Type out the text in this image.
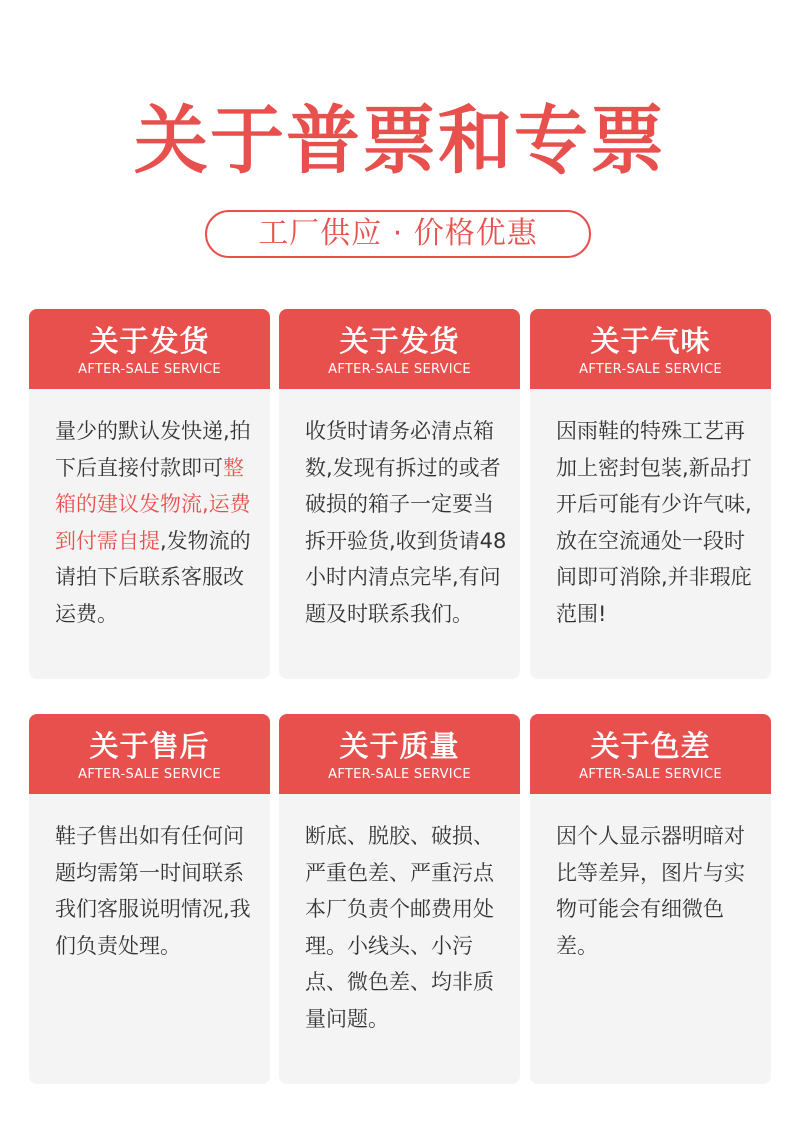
关于普票和专票
工厂供应 · 价格优惠
关于发货
AFTER-SALE SERVICE
量少的默认发快递,拍下后直接付款即可整箱的建议发物流,运费到付需自提,发物流的请拍下后联系客服改运费。
关于发货
AFTER-SALE SERVICE
收货时请务必清点箱数,发现有拆过的或者破损的箱子一定要当拆开验货,收到货请48小时内清点完毕,有问题及时联系我们。
关于气味
AFTER-SALE SERVICE
因雨鞋的特殊工艺再加上密封包装,新品打开后可能有少许气味,放在空流通处一段时间即可消除,并非瑕庇范围!
关于售后
AFTER-SALE SERVICE
鞋子售出如有任何问题均需第一时间联系我们客服说明情况,我们负责处理。
关于质量
AFTER-SALE SERVICE
断底、脱胶、破损、严重色差、严重污点本厂负责个邮费用处理。小线头、小污点、微色差、均非质量问题。
关于色差
AFTER-SALE SERVICE
因个人显示器明暗对比等差异，图片与实物可能会有细微色差。
